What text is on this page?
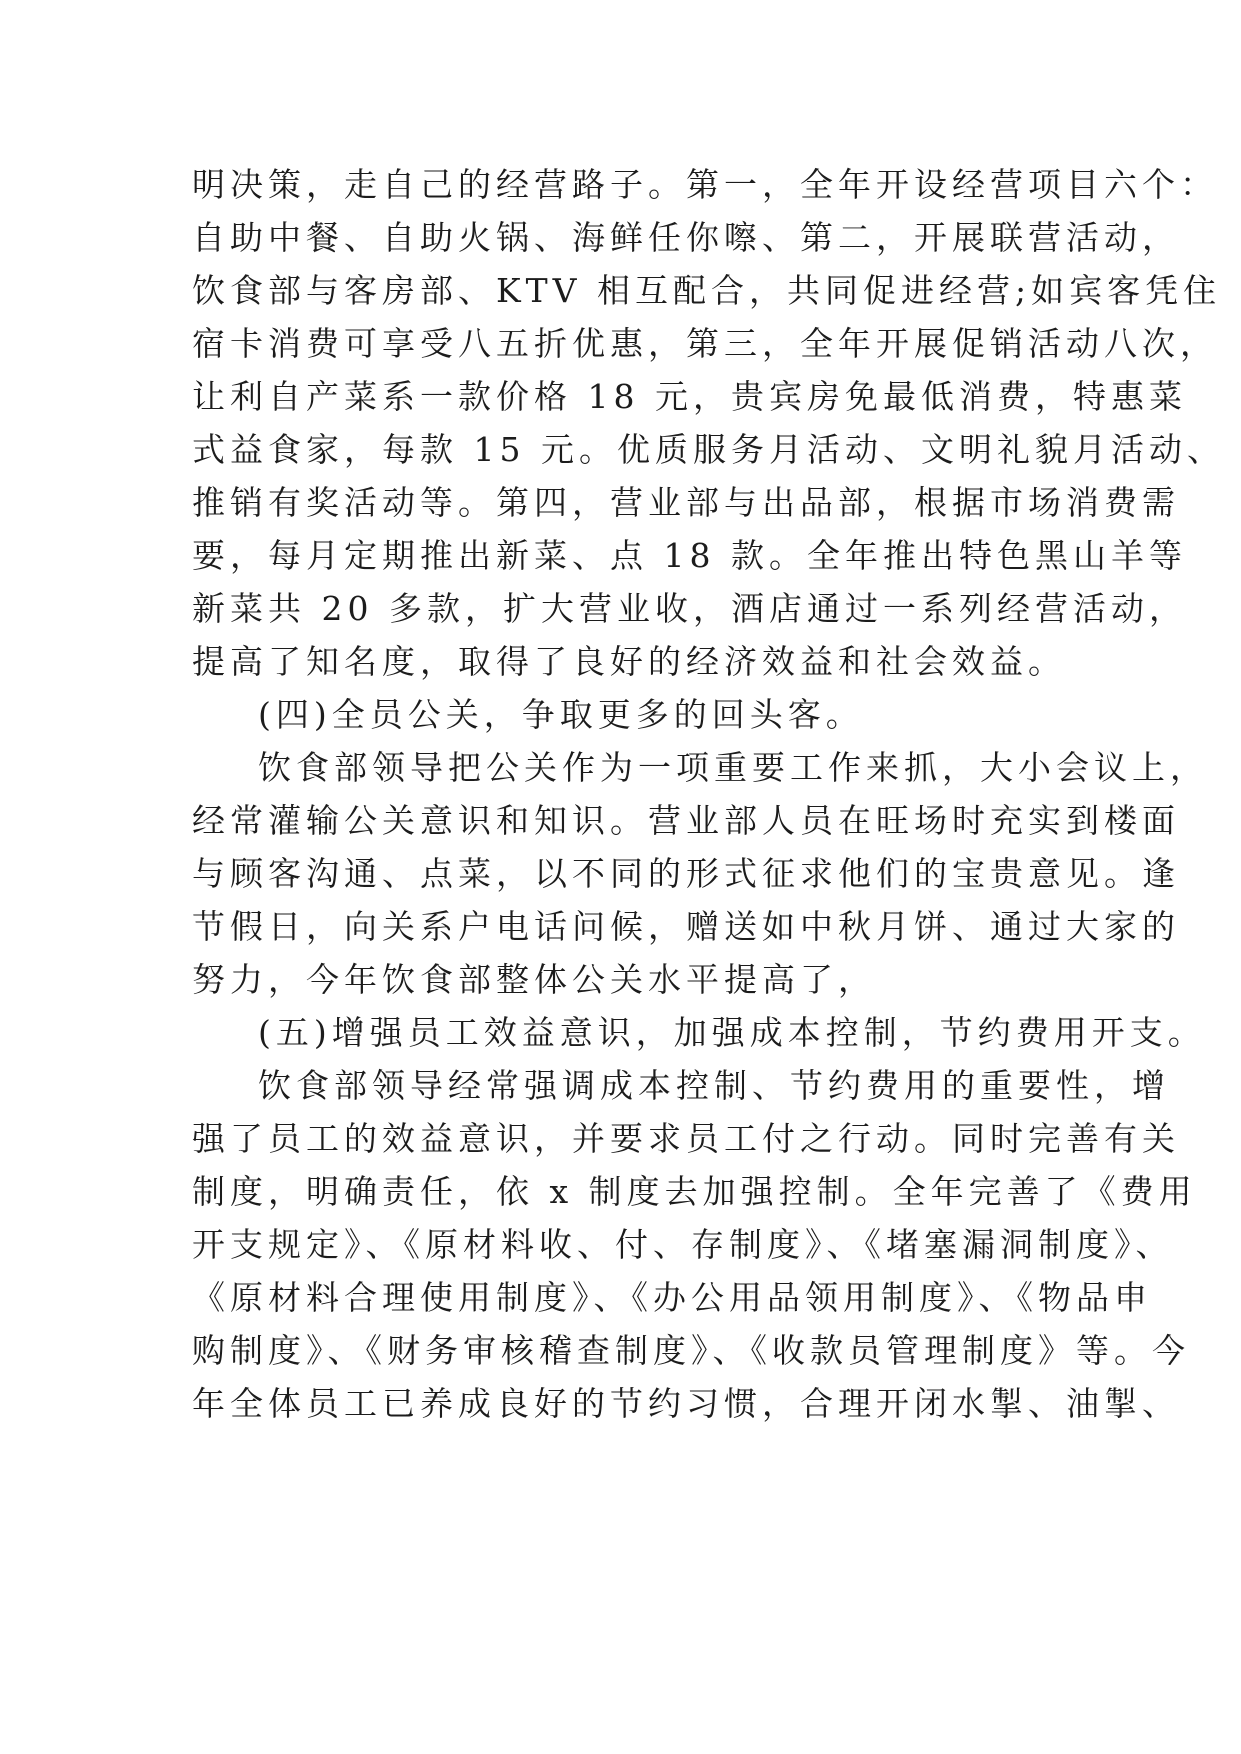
明决策，走自己的经营路子。第一，全年开设经营项目六个：
自助中餐、自助火锅、海鲜任你嚓、第二，开展联营活动，
饮食部与客房部、KTV 相互配合，共同促进经营;如宾客凭住
宿卡消费可享受八五折优惠，第三，全年开展促销活动八次，
让利自产菜系一款价格 18 元，贵宾房免最低消费，特惠菜
式益食家，每款 15 元。优质服务月活动、文明礼貌月活动、
推销有奖活动等。第四，营业部与出品部，根据市场消费需
要，每月定期推出新菜、点 18 款。全年推出特色黑山羊等
新菜共 20 多款，扩大营业收，酒店通过一系列经营活动，
提高了知名度，取得了良好的经济效益和社会效益。
(四)全员公关，争取更多的回头客。
饮食部领导把公关作为一项重要工作来抓，大小会议上，
经常灌输公关意识和知识。营业部人员在旺场时充实到楼面
与顾客沟通、点菜，以不同的形式征求他们的宝贵意见。逢
节假日，向关系户电话问候，赠送如中秋月饼、通过大家的
努力，今年饮食部整体公关水平提高了，
(五)增强员工效益意识，加强成本控制，节约费用开支。
饮食部领导经常强调成本控制、节约费用的重要性，增
强了员工的效益意识，并要求员工付之行动。同时完善有关
制度，明确责任，依 x 制度去加强控制。全年完善了《费用
开支规定》、《原材料收、付、存制度》、《堵塞漏洞制度》、
《原材料合理使用制度》、《办公用品领用制度》、《物品申
购制度》、《财务审核稽查制度》、《收款员管理制度》等。今
年全体员工已养成良好的节约习惯，合理开闭水掣、油掣、
